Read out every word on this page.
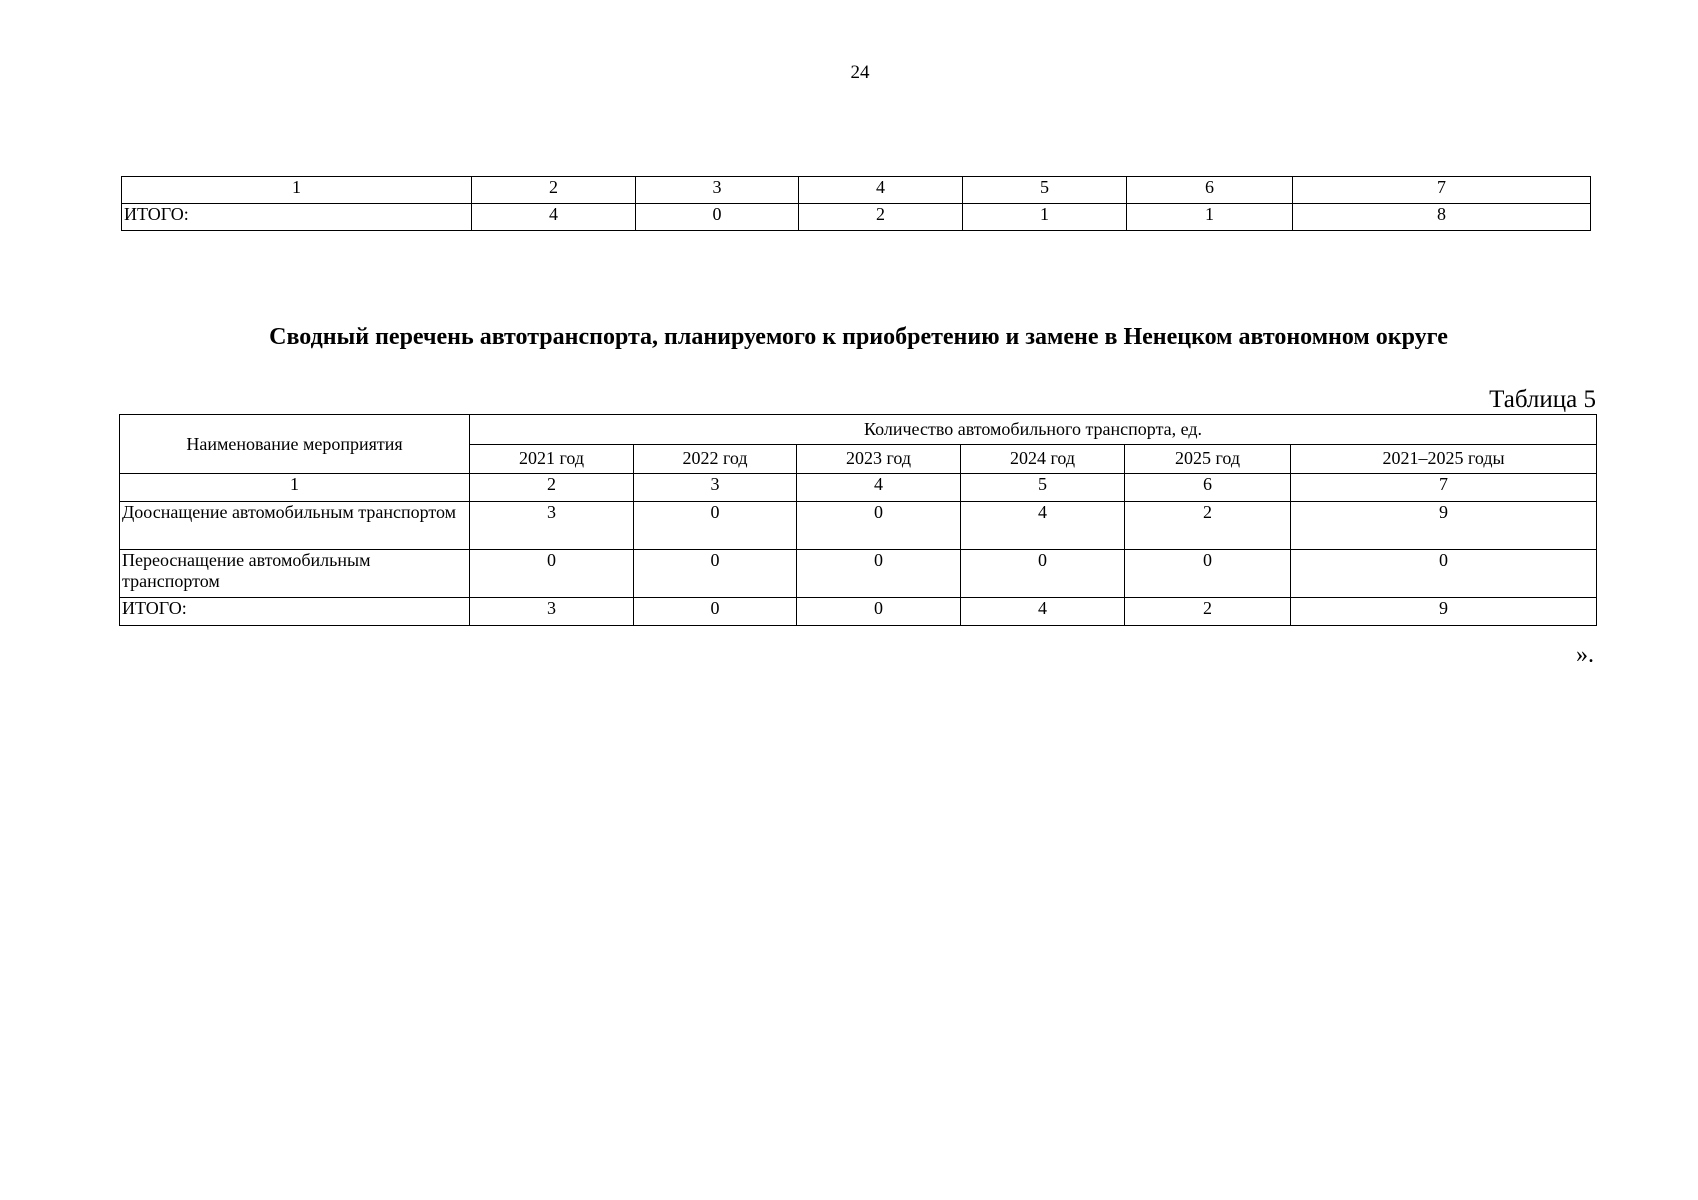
24
1	2	3	4	5	6	7
ИТОГО:	4	0	2	1	1	8
Сводный перечень автотранспорта, планируемого к приобретению и замене в Ненецком автономном округе
Таблица 5
Наименование мероприятия	Количество автомобильного транспорта, ед.					
	2021 год	2022 год	2023 год	2024 год	2025 год	2021–2025 годы
1	2	3	4	5	6	7
Дооснащение автомобильным транспортом	3	0	0	4	2	9
Переоснащение автомобильным транспортом	0	0	0	0	0	0
ИТОГО:	3	0	0	4	2	9
».
